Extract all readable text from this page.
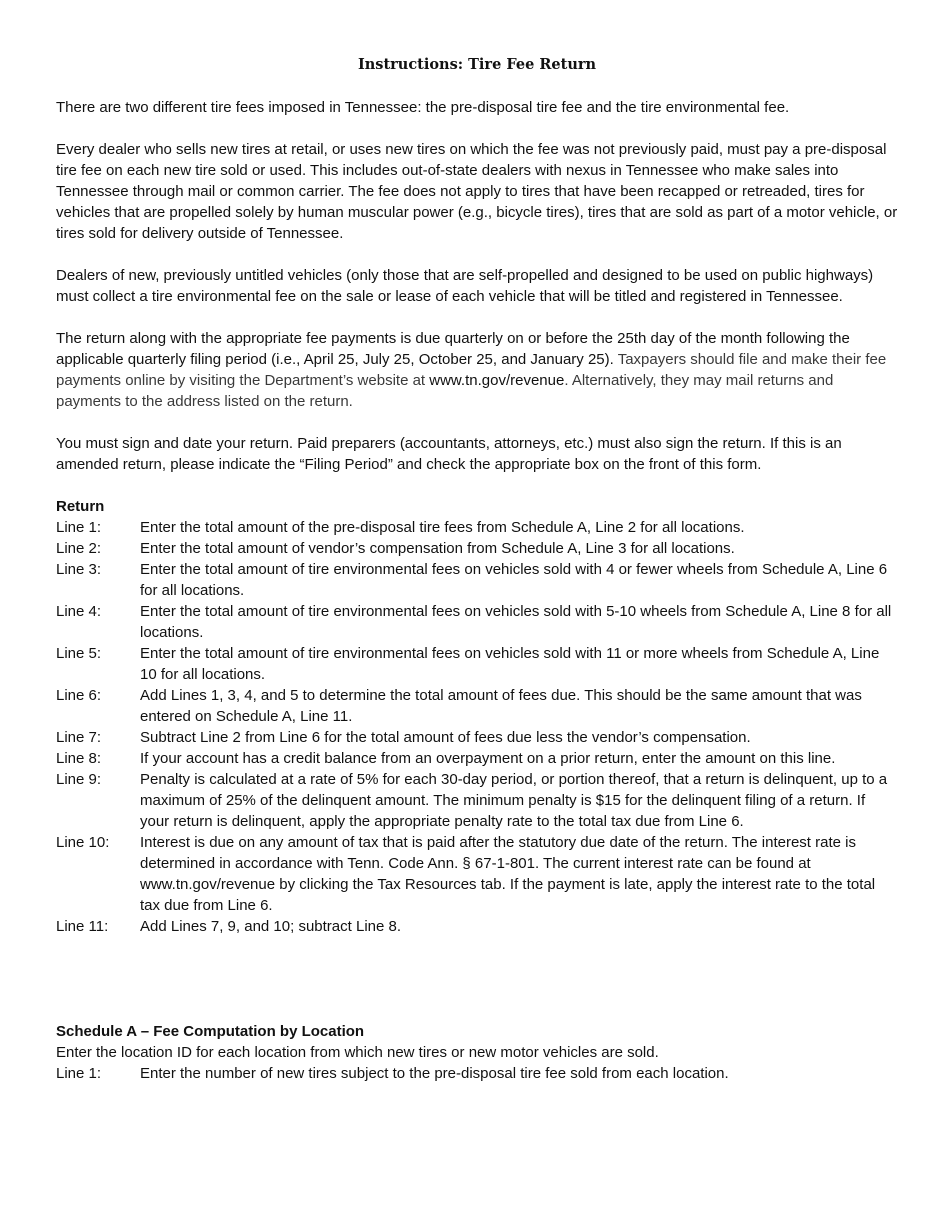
Instructions: Tire Fee Return

There are two different tire fees imposed in Tennessee: the pre-disposal tire fee and the tire environmental fee.

Every dealer who sells new tires at retail, or uses new tires on which the fee was not previously paid, must pay a pre-disposal tire fee on each new tire sold or used. This includes out-of-state dealers with nexus in Tennessee who make sales into Tennessee through mail or common carrier. The fee does not apply to tires that have been recapped or retreaded, tires for vehicles that are propelled solely by human muscular power (e.g., bicycle tires), tires that are sold as part of a motor vehicle, or tires sold for delivery outside of Tennessee.

Dealers of new, previously untitled vehicles (only those that are self-propelled and designed to be used on public highways) must collect a tire environmental fee on the sale or lease of each vehicle that will be titled and registered in Tennessee.

The return along with the appropriate fee payments is due quarterly on or before the 25th day of the month following the applicable quarterly filing period (i.e., April 25, July 25, October 25, and January 25). Taxpayers should file and make their fee payments online by visiting the Department’s website at www.tn.gov/revenue. Alternatively, they may mail returns and payments to the address listed on the return.

You must sign and date your return. Paid preparers (accountants, attorneys, etc.) must also sign the return. If this is an amended return, please indicate the “Filing Period” and check the appropriate box on the front of this form.

Return
Line 1:	Enter the total amount of the pre-disposal tire fees from Schedule A, Line 2 for all locations.
Line 2:	Enter the total amount of vendor’s compensation from Schedule A, Line 3 for all locations.
Line 3:	Enter the total amount of tire environmental fees on vehicles sold with 4 or fewer wheels from Schedule A, Line 6 for all locations.
Line 4:	Enter the total amount of tire environmental fees on vehicles sold with 5-10 wheels from Schedule A, Line 8 for all locations.
Line 5:	Enter the total amount of tire environmental fees on vehicles sold with 11 or more wheels from Schedule A, Line 10 for all locations.
Line 6:	Add Lines 1, 3, 4, and 5 to determine the total amount of fees due. This should be the same amount that was entered on Schedule A, Line 11.
Line 7:	Subtract Line 2 from Line 6 for the total amount of fees due less the vendor’s compensation.
Line 8:	If your account has a credit balance from an overpayment on a prior return, enter the amount on this line.
Line 9:	Penalty is calculated at a rate of 5% for each 30-day period, or portion thereof, that a return is delinquent, up to a maximum of 25% of the delinquent amount. The minimum penalty is $15 for the delinquent filing of a return. If your return is delinquent, apply the appropriate penalty rate to the total tax due from Line 6.
Line 10:	Interest is due on any amount of tax that is paid after the statutory due date of the return. The interest rate is determined in accordance with Tenn. Code Ann. § 67-1-801. The current interest rate can be found at www.tn.gov/revenue by clicking the Tax Resources tab. If the payment is late, apply the interest rate to the total tax due from Line 6.
Line 11:	Add Lines 7, 9, and 10; subtract Line 8.
Schedule A – Fee Computation by Location
Enter the location ID for each location from which new tires or new motor vehicles are sold.
Line 1:	Enter the number of new tires subject to the pre-disposal tire fee sold from each location.
